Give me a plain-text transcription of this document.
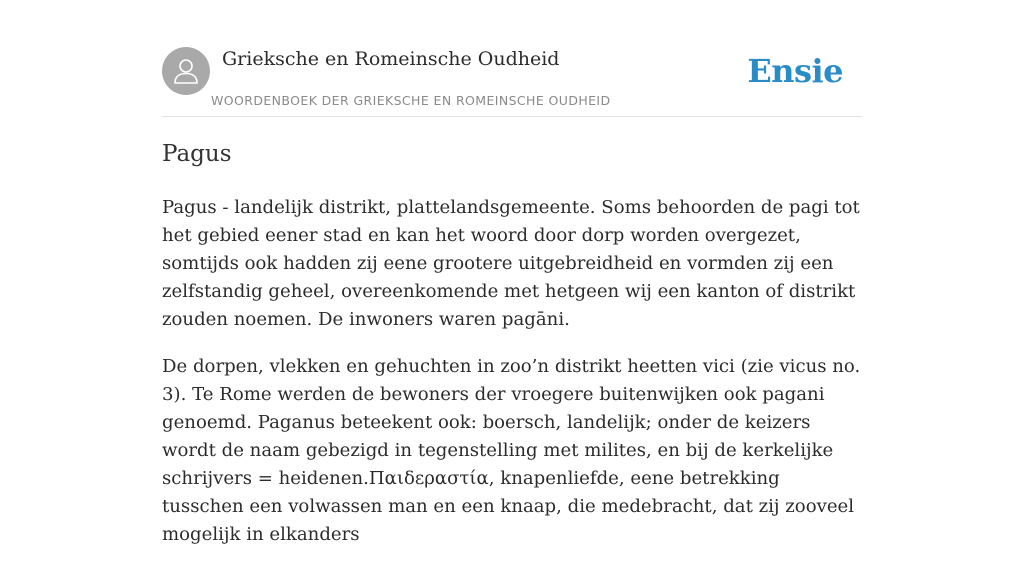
Grieksche en Romeinsche Oudheid
WOORDENBOEK DER GRIEKSCHE EN ROMEINSCHE OUDHEID
Ensie
Pagus

Pagus - landelijk distrikt, plattelandsgemeente. Soms behoorden de pagi tot het gebied eener stad en kan het woord door dorp worden overgezet, somtijds ook hadden zij eene grootere uitgebreidheid en vormden zij een zelfstandig geheel, overeenkomende met hetgeen wij een kanton of distrikt zouden noemen. De inwoners waren pagāni.

De dorpen, vlekken en gehuchten in zoo’n distrikt heetten vici (zie vicus no. 3). Te Rome werden de bewoners der vroegere buitenwijken ook pagani genoemd. Paganus beteekent ook: boersch, landelijk; onder de keizers wordt de naam gebezigd in tegenstelling met milites, en bij de kerkelijke schrijvers = heidenen.Παιδεραστία, knapenliefde, eene betrekking tusschen een volwassen man en een knaap, die medebracht, dat zij zooveel mogelijk in elkanders
